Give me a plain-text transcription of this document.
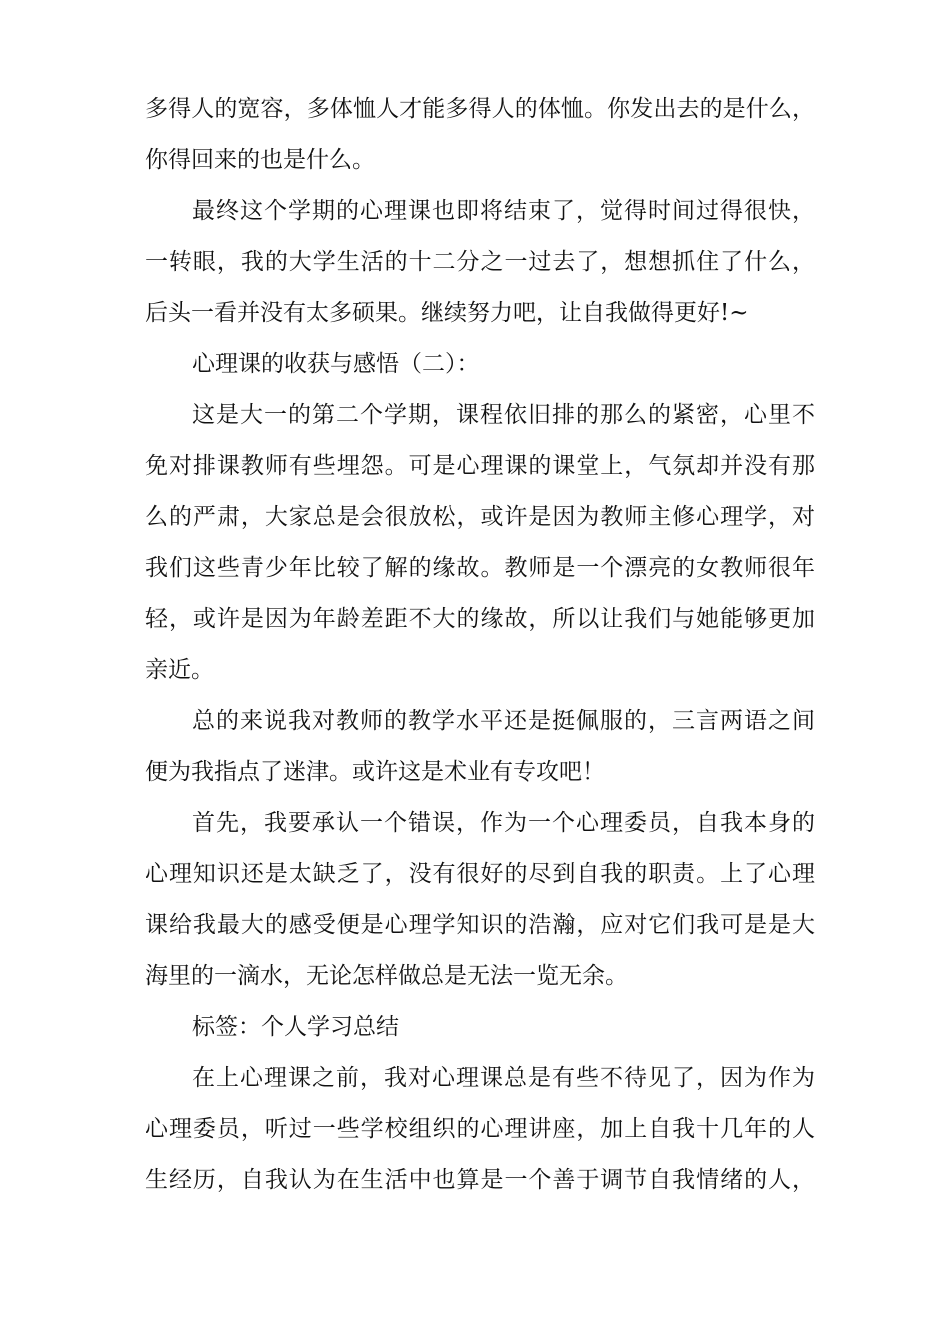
多得人的宽容，多体恤人才能多得人的体恤。你发出去的是什么，
你得回来的也是什么。
最终这个学期的心理课也即将结束了，觉得时间过得很快，
一转眼，我的大学生活的十二分之一过去了，想想抓住了什么，
后头一看并没有太多硕果。继续努力吧，让自我做得更好!~
心理课的收获与感悟（二）：
这是大一的第二个学期，课程依旧排的那么的紧密，心里不
免对排课教师有些埋怨。可是心理课的课堂上，气氛却并没有那
么的严肃，大家总是会很放松，或许是因为教师主修心理学，对
我们这些青少年比较了解的缘故。教师是一个漂亮的女教师很年
轻，或许是因为年龄差距不大的缘故，所以让我们与她能够更加
亲近。
总的来说我对教师的教学水平还是挺佩服的，三言两语之间
便为我指点了迷津。或许这是术业有专攻吧！
首先，我要承认一个错误，作为一个心理委员，自我本身的
心理知识还是太缺乏了，没有很好的尽到自我的职责。上了心理
课给我最大的感受便是心理学知识的浩瀚，应对它们我可是是大
海里的一滴水，无论怎样做总是无法一览无余。
标签：个人学习总结
在上心理课之前，我对心理课总是有些不待见了，因为作为
心理委员，听过一些学校组织的心理讲座，加上自我十几年的人
生经历，自我认为在生活中也算是一个善于调节自我情绪的人，
